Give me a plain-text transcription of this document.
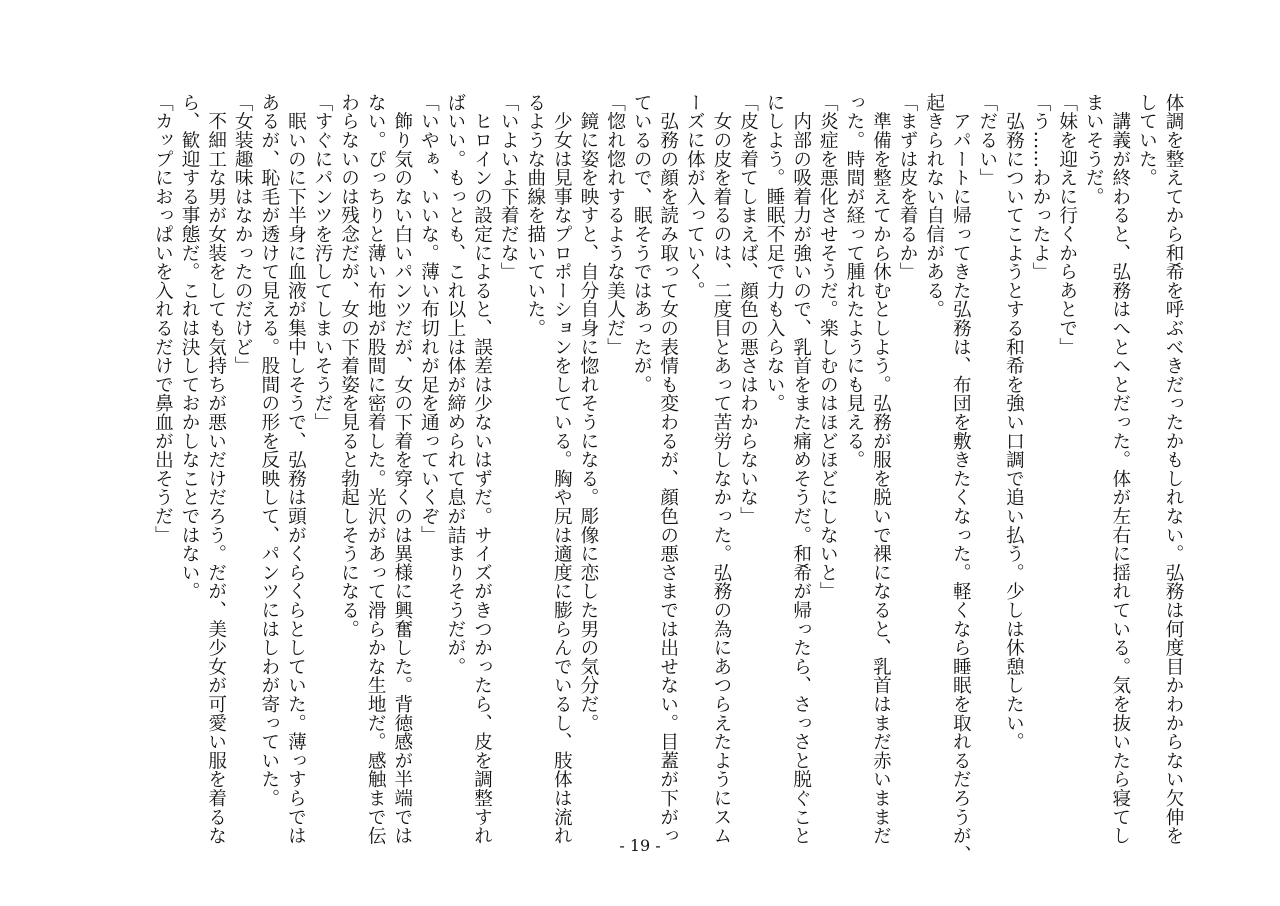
体調を整えてから和希を呼ぶべきだったかもしれない。弘務は何度目かわからない欠伸を

していた。

　講義が終わると、弘務はへとへとだった。体が左右に揺れている。気を抜いたら寝てし

まいそうだ。

「妹を迎えに行くからあとで」

「う……わかったよ」

　弘務についてこようとする和希を強い口調で追い払う。少しは休憩したい。

「だるい」

　アパートに帰ってきた弘務は、布団を敷きたくなった。軽くなら睡眠を取れるだろうが、

起きられない自信がある。

「まずは皮を着るか」

　準備を整えてから休むとしよう。弘務が服を脱いで裸になると、乳首はまだ赤いままだ

った。時間が経って腫れたようにも見える。

「炎症を悪化させそうだ。楽しむのはほどほどにしないと」

　内部の吸着力が強いので、乳首をまた痛めそうだ。和希が帰ったら、さっさと脱ぐこと

にしよう。睡眠不足で力も入らない。

「皮を着てしまえば、顔色の悪さはわからないな」

　女の皮を着るのは、二度目とあって苦労しなかった。弘務の為にあつらえたようにスム

ーズに体が入っていく。

　弘務の顔を読み取って女の表情も変わるが、顔色の悪さまでは出せない。目蓋が下がっ

ているので、眠そうではあったが。

「惚れ惚れするような美人だ」

　鏡に姿を映すと、自分自身に惚れそうになる。彫像に恋した男の気分だ。

　少女は見事なプロポーションをしている。胸や尻は適度に膨らんでいるし、肢体は流れ

るような曲線を描いていた。

「いよいよ下着だな」

　ヒロインの設定によると、誤差は少ないはずだ。サイズがきつかったら、皮を調整すれ

ばいい。もっとも、これ以上は体が締められて息が詰まりそうだが。

「いやぁ、いいな。薄い布切れが足を通っていくぞ」

　飾り気のない白いパンツだが、女の下着を穿くのは異様に興奮した。背徳感が半端では

ない。ぴっちりと薄い布地が股間に密着した。光沢があって滑らかな生地だ。感触まで伝

わらないのは残念だが、女の下着姿を見ると勃起しそうになる。

「すぐにパンツを汚してしまいそうだ」

　眠いのに下半身に血液が集中しそうで、弘務は頭がくらくらとしていた。薄っすらでは

あるが、恥毛が透けて見える。股間の形を反映して、パンツにはしわが寄っていた。

「女装趣味はなかったのだけど」

　不細工な男が女装をしても気持ちが悪いだけだろう。だが、美少女が可愛い服を着るな

ら、歓迎する事態だ。これは決しておかしなことではない。

「カップにおっぱいを入れるだけで鼻血が出そうだ」

- 19 -
